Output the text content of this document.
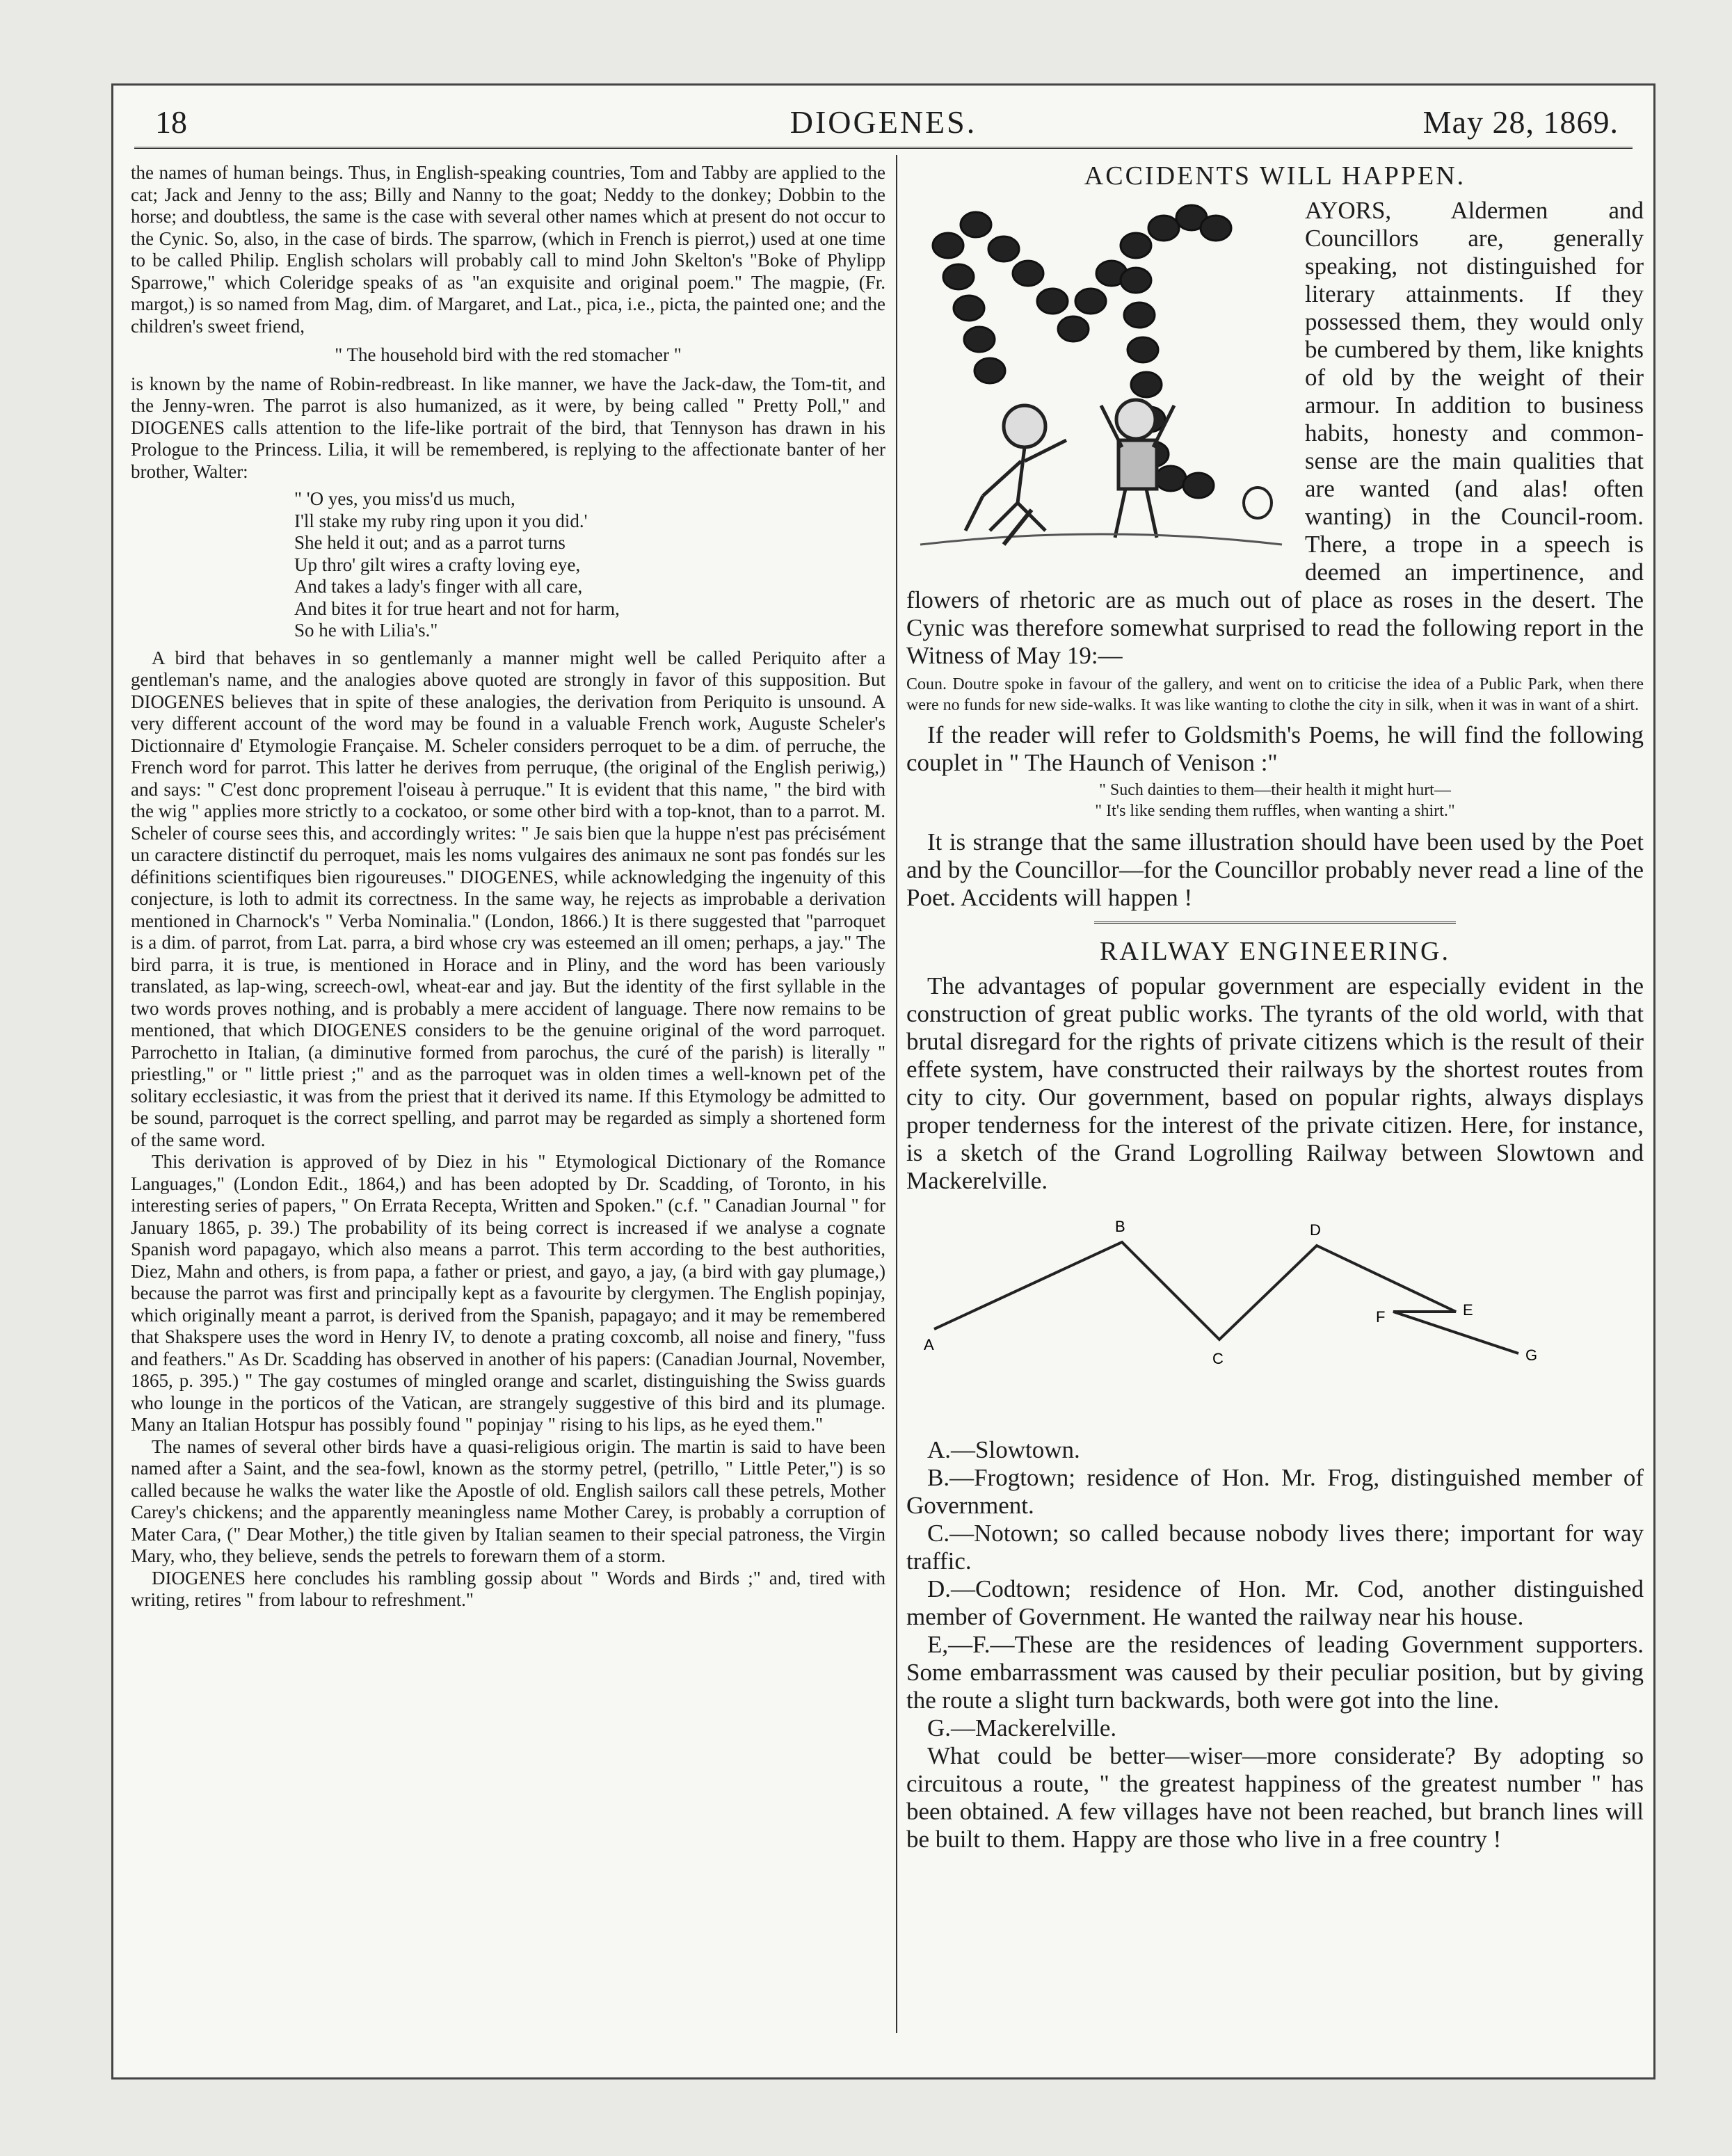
18	DIOGENES.	May 28, 1869.

the names of human beings. Thus, in English-speaking countries, Tom and Tabby are applied to the cat; Jack and Jenny to the ass; Billy and Nanny to the goat; Neddy to the donkey; Dobbin to the horse; and doubtless, the same is the case with several other names which at present do not occur to the Cynic. So, also, in the case of birds. The sparrow, (which in French is pierrot,) used at one time to be called Philip. English scholars will probably call to mind John Skelton's "Boke of Phylipp Sparrowe," which Coleridge speaks of as "an exquisite and original poem." The magpie, (Fr. margot,) is so named from Mag, dim. of Margaret, and Lat., pica, i.e., picta, the painted one; and the children's sweet friend,

" The household bird with the red stomacher "

is known by the name of Robin-redbreast. In like manner, we have the Jack-daw, the Tom-tit, and the Jenny-wren. The parrot is also humanized, as it were, by being called " Pretty Poll," and DIOGENES calls attention to the life-like portrait of the bird, that Tennyson has drawn in his Prologue to the Princess. Lilia, it will be remembered, is replying to the affectionate banter of her brother, Walter:

" 'O yes, you miss'd us much,
I'll stake my ruby ring upon it you did.'
She held it out; and as a parrot turns
Up thro' gilt wires a crafty loving eye,
And takes a lady's finger with all care,
And bites it for true heart and not for harm,
So he with Lilia's."

A bird that behaves in so gentlemanly a manner might well be called Periquito after a gentleman's name, and the analogies above quoted are strongly in favor of this supposition. But DIOGENES believes that in spite of these analogies, the derivation from Periquito is unsound. A very different account of the word may be found in a valuable French work, Auguste Scheler's Dictionnaire d' Etymologie Française. M. Scheler considers perroquet to be a dim. of perruche, the French word for parrot. This latter he derives from perruque, (the original of the English periwig,) and says: " C'est donc proprement l'oiseau à perruque." It is evident that this name, " the bird with the wig " applies more strictly to a cockatoo, or some other bird with a top-knot, than to a parrot. M. Scheler of course sees this, and accordingly writes: " Je sais bien que la huppe n'est pas précisément un caractere distinctif du perroquet, mais les noms vulgaires des animaux ne sont pas fondés sur les définitions scientifiques bien rigoureuses." DIOGENES, while acknowledging the ingenuity of this conjecture, is loth to admit its correctness. In the same way, he rejects as improbable a derivation mentioned in Charnock's " Verba Nominalia." (London, 1866.) It is there suggested that "parroquet is a dim. of parrot, from Lat. parra, a bird whose cry was esteemed an ill omen; perhaps, a jay." The bird parra, it is true, is mentioned in Horace and in Pliny, and the word has been variously translated, as lap-wing, screech-owl, wheat-ear and jay. But the identity of the first syllable in the two words proves nothing, and is probably a mere accident of language. There now remains to be mentioned, that which DIOGENES considers to be the genuine original of the word parroquet. Parrochetto in Italian, (a diminutive formed from parochus, the curé of the parish) is literally " priestling," or " little priest ;" and as the parroquet was in olden times a well-known pet of the solitary ecclesiastic, it was from the priest that it derived its name. If this Etymology be admitted to be sound, parroquet is the correct spelling, and parrot may be regarded as simply a shortened form of the same word.

This derivation is approved of by Diez in his " Etymological Dictionary of the Romance Languages," (London Edit., 1864,) and has been adopted by Dr. Scadding, of Toronto, in his interesting series of papers, " On Errata Recepta, Written and Spoken." (c.f. " Canadian Journal " for January 1865, p. 39.) The probability of its being correct is increased if we analyse a cognate Spanish word papagayo, which also means a parrot. This term according to the best authorities, Diez, Mahn and others, is from papa, a father or priest, and gayo, a jay, (a bird with gay plumage,) because the parrot was first and principally kept as a favourite by clergymen. The English popinjay, which originally meant a parrot, is derived from the Spanish, papagayo; and it may be remembered that Shakspere uses the word in Henry IV, to denote a prating coxcomb, all noise and finery, "fuss and feathers." As Dr. Scadding has observed in another of his papers: (Canadian Journal, November, 1865, p. 395.) " The gay costumes of mingled orange and scarlet, distinguishing the Swiss guards who lounge in the porticos of the Vatican, are strangely suggestive of this bird and its plumage. Many an Italian Hotspur has possibly found " popinjay " rising to his lips, as he eyed them."

The names of several other birds have a quasi-religious origin. The martin is said to have been named after a Saint, and the sea-fowl, known as the stormy petrel, (petrillo, " Little Peter,") is so called because he walks the water like the Apostle of old. English sailors call these petrels, Mother Carey's chickens; and the apparently meaningless name Mother Carey, is probably a corruption of Mater Cara, (" Dear Mother,) the title given by Italian seamen to their special patroness, the Virgin Mary, who, they believe, sends the petrels to forewarn them of a storm.

DIOGENES here concludes his rambling gossip about " Words and Birds ;" and, tired with writing, retires " from labour to refreshment."

ACCIDENTS WILL HAPPEN.
AYORS, Aldermen and Councillors are, generally speaking, not distinguished for literary attainments. If they possessed them, they would only be cumbered by them, like knights of old by the weight of their armour. In addition to business habits, honesty and common-sense are the main qualities that are wanted (and alas! often wanting) in the Council-room. There, a trope in a speech is deemed an impertinence, and flowers of rhetoric are as much out of place as roses in the desert. The Cynic was therefore somewhat surprised to read the following report in the Witness of May 19:—
Coun. Doutre spoke in favour of the gallery, and went on to criticise the idea of a Public Park, when there were no funds for new side-walks. It was like wanting to clothe the city in silk, when it was in want of a shirt.

If the reader will refer to Goldsmith's Poems, he will find the following couplet in " The Haunch of Venison :"

" Such dainties to them—their health it might hurt—
" It's like sending them ruffles, when wanting a shirt."

It is strange that the same illustration should have been used by the Poet and by the Councillor—for the Councillor probably never read a line of the Poet. Accidents will happen !

RAILWAY ENGINEERING.

The advantages of popular government are especially evident in the construction of great public works. The tyrants of the old world, with that brutal disregard for the rights of private citizens which is the result of their effete system, have constructed their railways by the shortest routes from city to city. Our government, based on popular rights, always displays proper tenderness for the interest of the private citizen. Here, for instance, is a sketch of the Grand Logrolling Railway between Slowtown and Mackerelville.

A
B
C
D
E
F
G

A.—Slowtown.

B.—Frogtown; residence of Hon. Mr. Frog, distinguished member of Government.

C.—Notown; so called because nobody lives there; important for way traffic.

D.—Codtown; residence of Hon. Mr. Cod, another distinguished member of Government. He wanted the railway near his house.

E,—F.—These are the residences of leading Government supporters. Some embarrassment was caused by their peculiar position, but by giving the route a slight turn backwards, both were got into the line.

G.—Mackerelville.

What could be better—wiser—more considerate? By adopting so circuitous a route, " the greatest happiness of the greatest number " has been obtained. A few villages have not been reached, but branch lines will be built to them. Happy are those who live in a free country !
